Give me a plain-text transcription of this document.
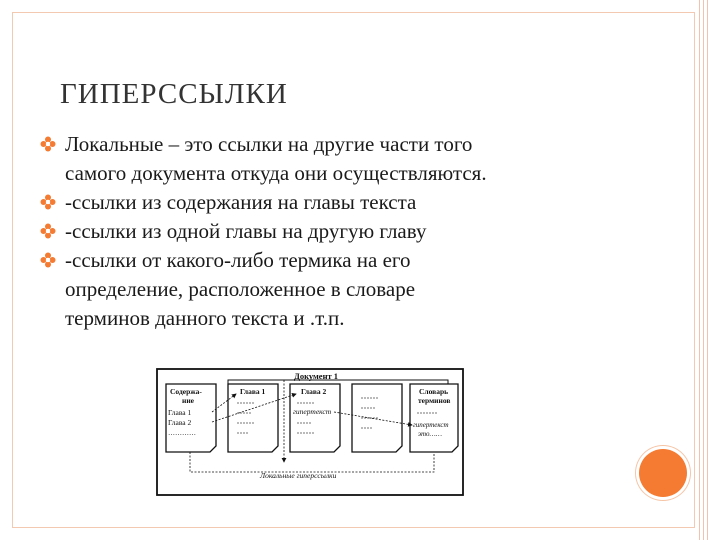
ГИПЕРССЫЛКИ
Локальные – это ссылки на другие части того
самого документа откуда они осуществляются.
-ссылки из содержания на главы текста
-ссылки из одной главы на другую главу
-ссылки от какого-либо термика на его
определение, расположенное в словаре
терминов данного текста и .т.п.
Документ 1
Содержа-
ние
Глава 1
Глава 2
…………
Глава 1	Глава 2
гипертекст
Словарь
терминов
гипертекст
это……
Локальные гиперссылки
